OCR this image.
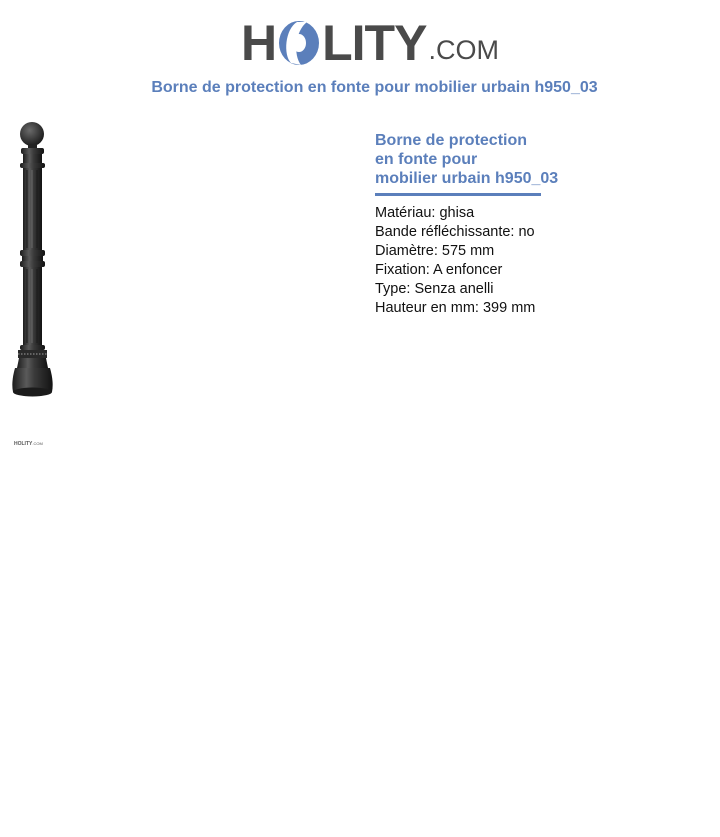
H LITY .COM
Borne de protection en fonte pour mobilier urbain h950_03
HOLITY.COM
Borne de protection
en fonte pour
mobilier urbain h950_03
Matériau: ghisa
Bande réfléchissante: no
Diamètre: 575 mm
Fixation: A enfoncer
Type: Senza anelli
Hauteur en mm: 399 mm
